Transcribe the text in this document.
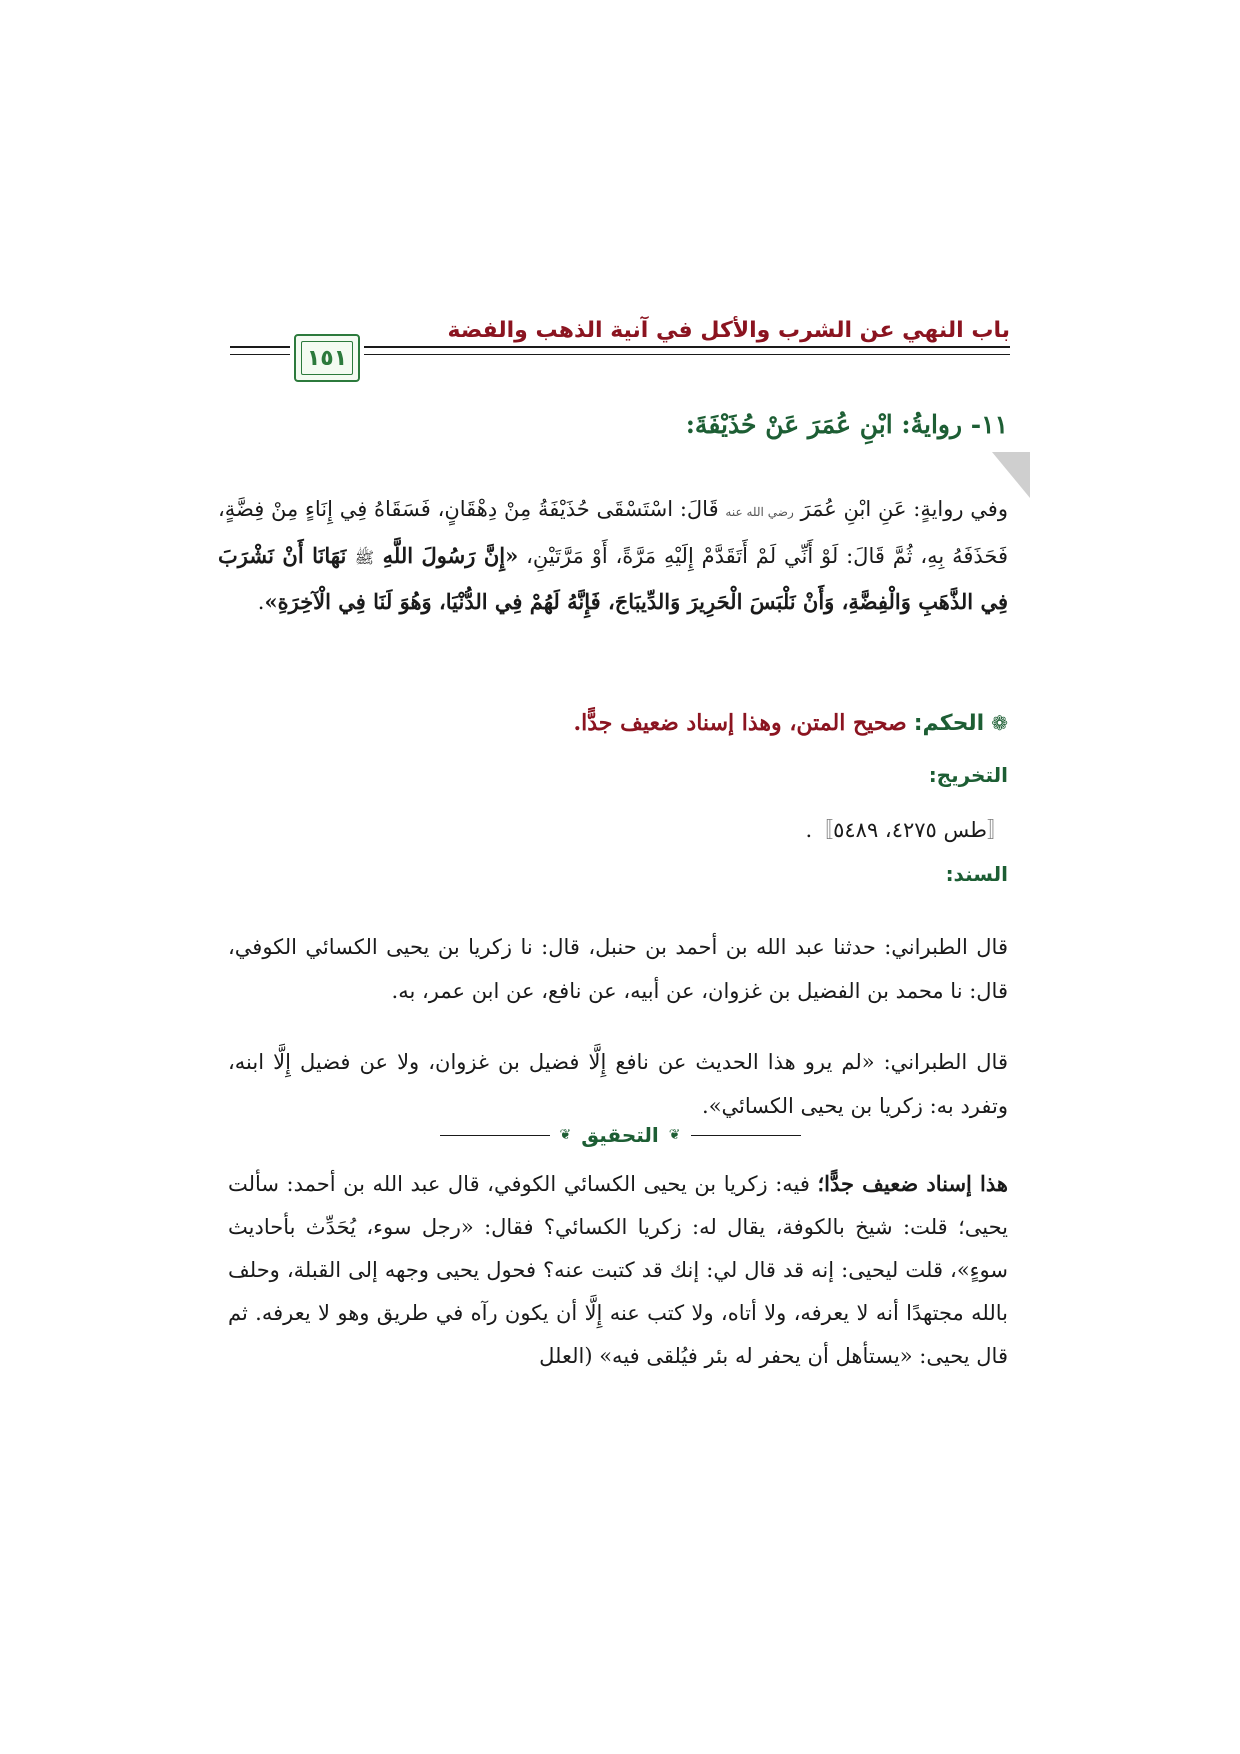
باب النهي عن الشرب والأكل في آنية الذهب والفضة
١٥١
١١- روايةُ: ابْنِ عُمَرَ عَنْ حُذَيْفَةَ:
وفي روايةٍ: عَنِ ابْنِ عُمَرَ رضي الله عنه قَالَ: اسْتَسْقَى حُذَيْفَةُ مِنْ دِهْقَانٍ، فَسَقَاهُ فِي إِنَاءٍ مِنْ فِضَّةٍ، فَحَذَفَهُ بِهِ، ثُمَّ قَالَ: لَوْ أَنِّي لَمْ أَتَقَدَّمْ إِلَيْهِ مَرَّةً، أَوْ مَرَّتَيْنِ، «إِنَّ رَسُولَ اللَّهِ ﷺ نَهَانَا أَنْ نَشْرَبَ فِي الذَّهَبِ وَالْفِضَّةِ، وَأَنْ نَلْبَسَ الْحَرِيرَ وَالدِّيبَاجَ، فَإِنَّهُ لَهُمْ فِي الدُّنْيَا، وَهُوَ لَنَا فِي الْآخِرَةِ».
❁ الحكم: صحيح المتن، وهذا إسناد ضعيف جدًّا.
التخريج:
〚طس ٤٢٧٥، ٥٤٨٩〛.
السند:
قال الطبراني: حدثنا عبد الله بن أحمد بن حنبل، قال: نا زكريا بن يحيى الكسائي الكوفي، قال: نا محمد بن الفضيل بن غزوان، عن أبيه، عن نافع، عن ابن عمر، به.
قال الطبراني: «لم يرو هذا الحديث عن نافع إِلَّا فضيل بن غزوان، ولا عن فضيل إِلَّا ابنه، وتفرد به: زكريا بن يحيى الكسائي».
❦ التحقيق ❦
هذا إسناد ضعيف جدًّا؛ فيه: زكريا بن يحيى الكسائي الكوفي، قال عبد الله بن أحمد: سألت يحيى؛ قلت: شيخ بالكوفة، يقال له: زكريا الكسائي؟ فقال: «رجل سوء، يُحَدِّث بأحاديث سوءٍ»، قلت ليحيى: إنه قد قال لي: إنك قد كتبت عنه؟ فحول يحيى وجهه إلى القبلة، وحلف بالله مجتهدًا أنه لا يعرفه، ولا أتاه، ولا كتب عنه إِلَّا أن يكون رآه في طريق وهو لا يعرفه. ثم قال يحيى: «يستأهل أن يحفر له بئر فيُلقى فيه» (العلل
